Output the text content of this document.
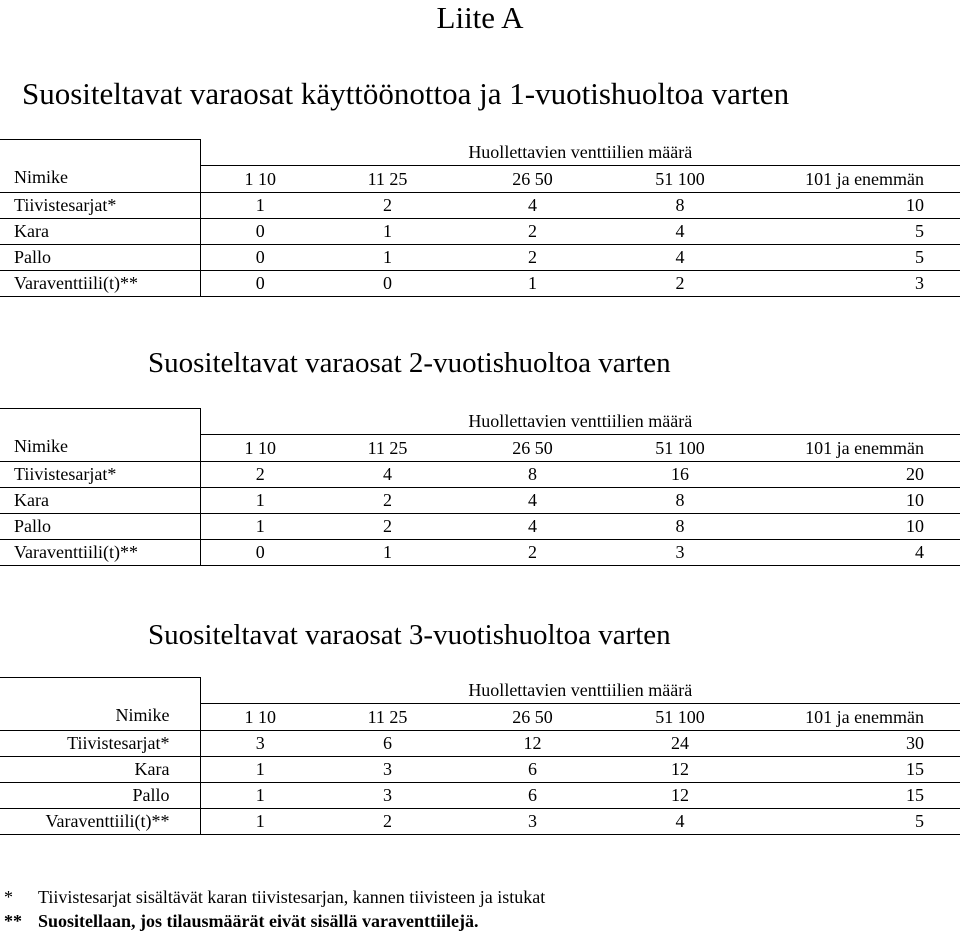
Liite A
Suositeltavat varaosat käyttöönottoa ja 1-vuotishuoltoa varten
Nimike	Huollettavien venttiilien määrä				
	1 10	11 25	26 50	51 100	101 ja enemmän
Tiivistesarjat*	1	2	4	8	10
Kara	0	1	2	4	5
Pallo	0	1	2	4	5
Varaventtiili(t)**	0	0	1	2	3
Suositeltavat varaosat 2-vuotishuoltoa varten
Nimike	Huollettavien venttiilien määrä				
	1 10	11 25	26 50	51 100	101 ja enemmän
Tiivistesarjat*	2	4	8	16	20
Kara	1	2	4	8	10
Pallo	1	2	4	8	10
Varaventtiili(t)**	0	1	2	3	4
Suositeltavat varaosat 3-vuotishuoltoa varten
Nimike	Huollettavien venttiilien määrä				
	1 10	11 25	26 50	51 100	101 ja enemmän
Tiivistesarjat*	3	6	12	24	30
Kara	1	3	6	12	15
Pallo	1	3	6	12	15
Varaventtiili(t)**	1	2	3	4	5
* Tiivistesarjat sisältävät karan tiivistesarjan, kannen tiivisteen ja istukat
** Suositellaan, jos tilausmäärät eivät sisällä varaventtiilejä.
